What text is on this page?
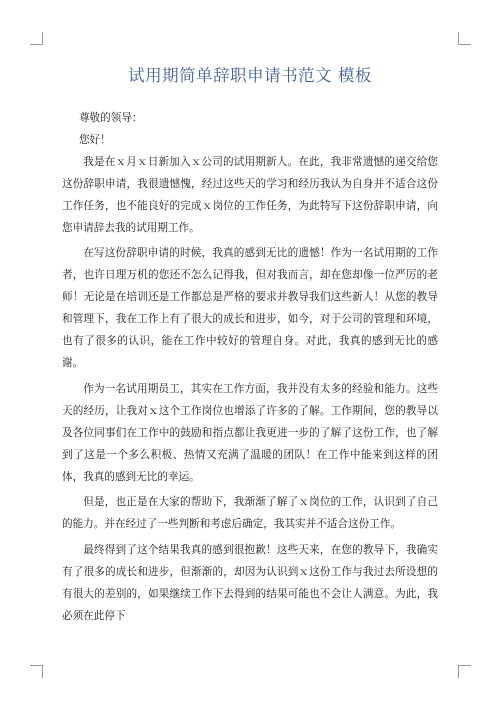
试用期简单辞职申请书范文 模板

尊敬的领导：

您好！

我是在ｘ月ｘ日新加入ｘ公司的试用期新人。在此，我非常遗憾的递交给您这份辞职申请，我很遗憾愧，经过这些天的学习和经历我认为自身并不适合这份工作任务，也不能良好的完成ｘ岗位的工作任务，为此特写下这份辞职申请，向您申请辞去我的试用期工作。

在写这份辞职申请的时候，我真的感到无比的遗憾！作为一名试用期的工作者，也许日理万机的您还不怎么记得我，但对我而言，却在您却像一位严厉的老师！无论是在培训还是工作都总是严格的要求并教导我们这些新人！从您的教导和管理下，我在工作上有了很大的成长和进步，如今，对于公司的管理和环境，也有了很多的认识，能在工作中较好的管理自身。对此，我真的感到无比的感谢。

作为一名试用期员工，其实在工作方面，我并没有太多的经验和能力。这些天的经历，让我对ｘ这个工作岗位也增添了许多的了解。工作期间，您的教导以及各位同事们在工作中的鼓励和指点都让我更进一步的了解了这份工作，也了解到了这是一个多么积极、热情又充满了温暖的团队！在工作中能来到这样的团体，我真的感到无比的幸运。

但是，也正是在大家的帮助下，我渐渐了解了ｘ岗位的工作，认识到了自己的能力。并在经过了一些判断和考虑后确定，我其实并不适合这份工作。

最终得到了这个结果我真的感到很抱歉！这些天来，在您的教导下，我确实有了很多的成长和进步，但渐渐的，却因为认识到ｘ这份工作与我过去所设想的有很大的差别的，如果继续工作下去得到的结果可能也不会让人满意。为此，我必须在此停下
